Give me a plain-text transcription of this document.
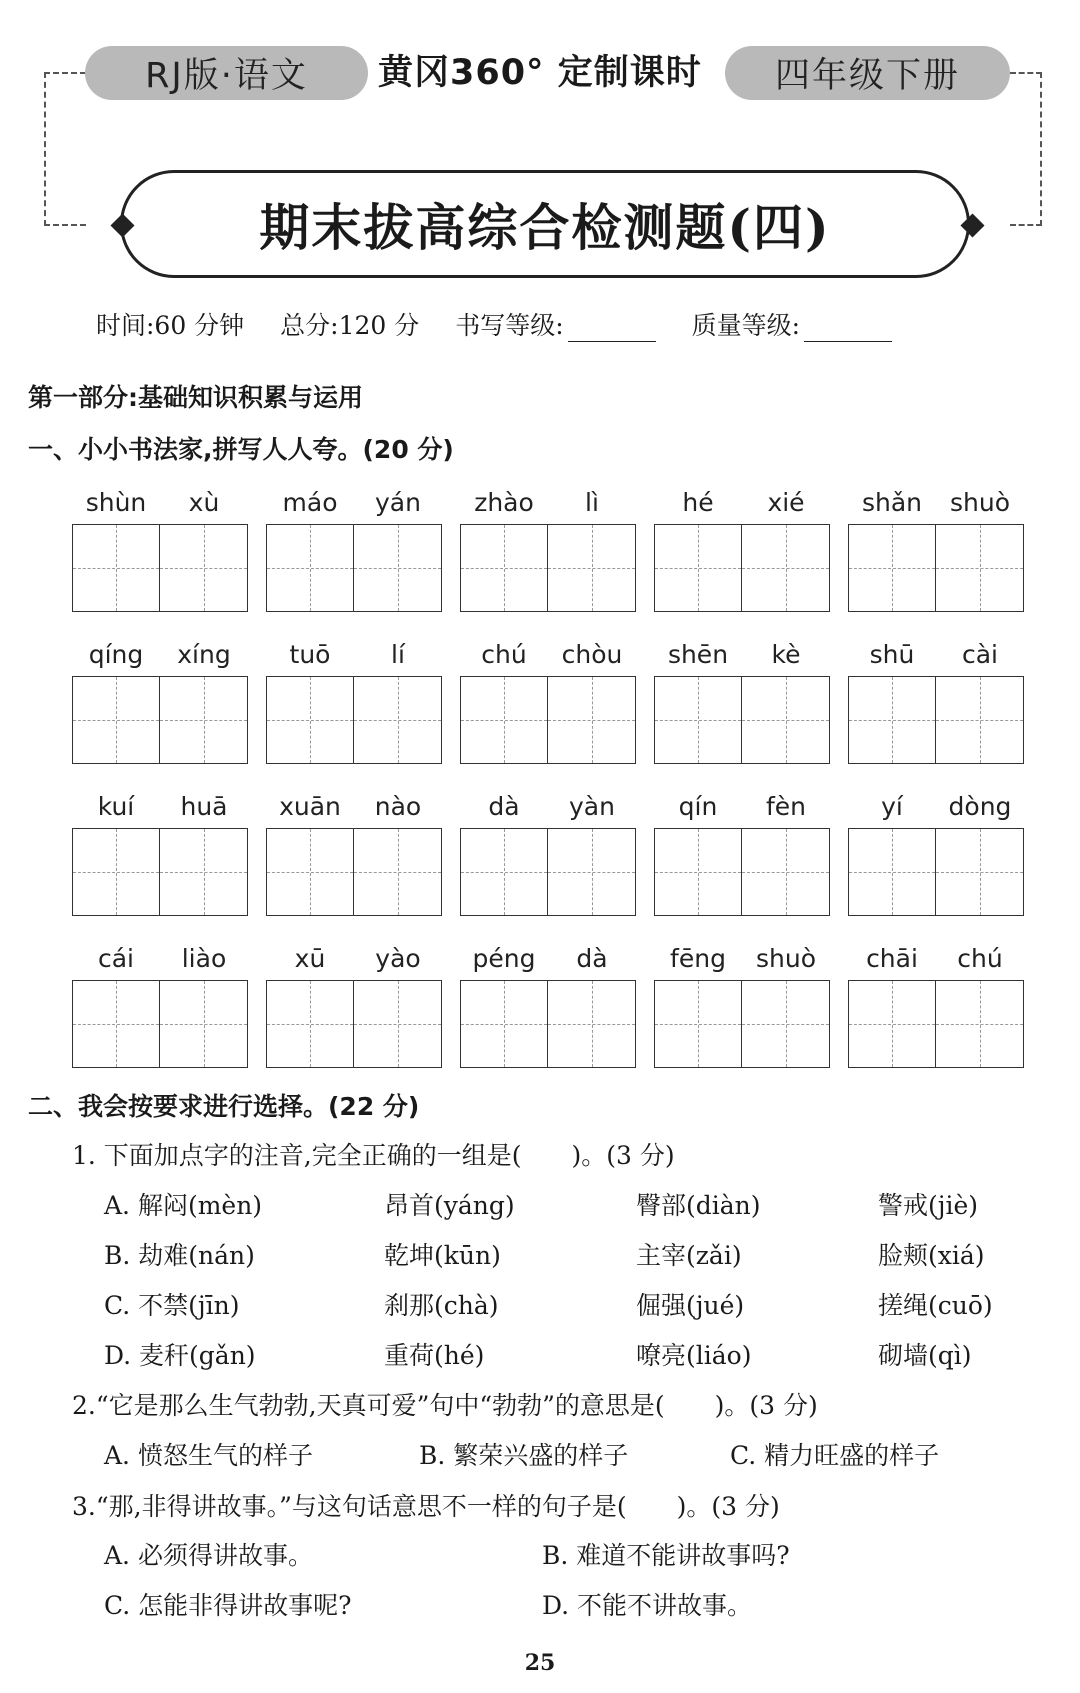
RJ版·语文	黄冈360° 定制课时	四年级下册
期末拔高综合检测题(四)
时间:60 分钟 总分:120 分 书写等级:	质量等级:
第一部分:基础知识积累与运用
一、小小书法家,拼写人人夸。(20 分)
shùn	xù	máo	yán	zhào	lì	hé	xié	shǎn	shuò
qíng	xíng	tuō	lí	chú	chòu	shēn	kè	shū	cài
kuí	huā	xuān	nào	dà	yàn	qín	fèn	yí	dòng
cái	liào	xū	yào	péng	dà	fēng	shuò	chāi	chú
二、我会按要求进行选择。(22 分)
1. 下面加点字的注音,完全正确的一组是(　　)。(3 分)
A. 解闷(mèn)	昂首(yáng)	臀部(diàn)	警戒(jiè)
B. 劫难(nán)	乾坤(kūn)	主宰(zǎi)	脸颊(xiá)
C. 不禁(jīn)	刹那(chà)	倔强(jué)	搓绳(cuō)
D. 麦秆(gǎn)	重荷(hé)	嘹亮(liáo)	砌墙(qì)
2.“它是那么生气勃勃,天真可爱”句中“勃勃”的意思是(　　)。(3 分)
A. 愤怒生气的样子	B. 繁荣兴盛的样子	C. 精力旺盛的样子
3.“那,非得讲故事。”与这句话意思不一样的句子是(　　)。(3 分)
A. 必须得讲故事。	B. 难道不能讲故事吗?
C. 怎能非得讲故事呢?	D. 不能不讲故事。
25
